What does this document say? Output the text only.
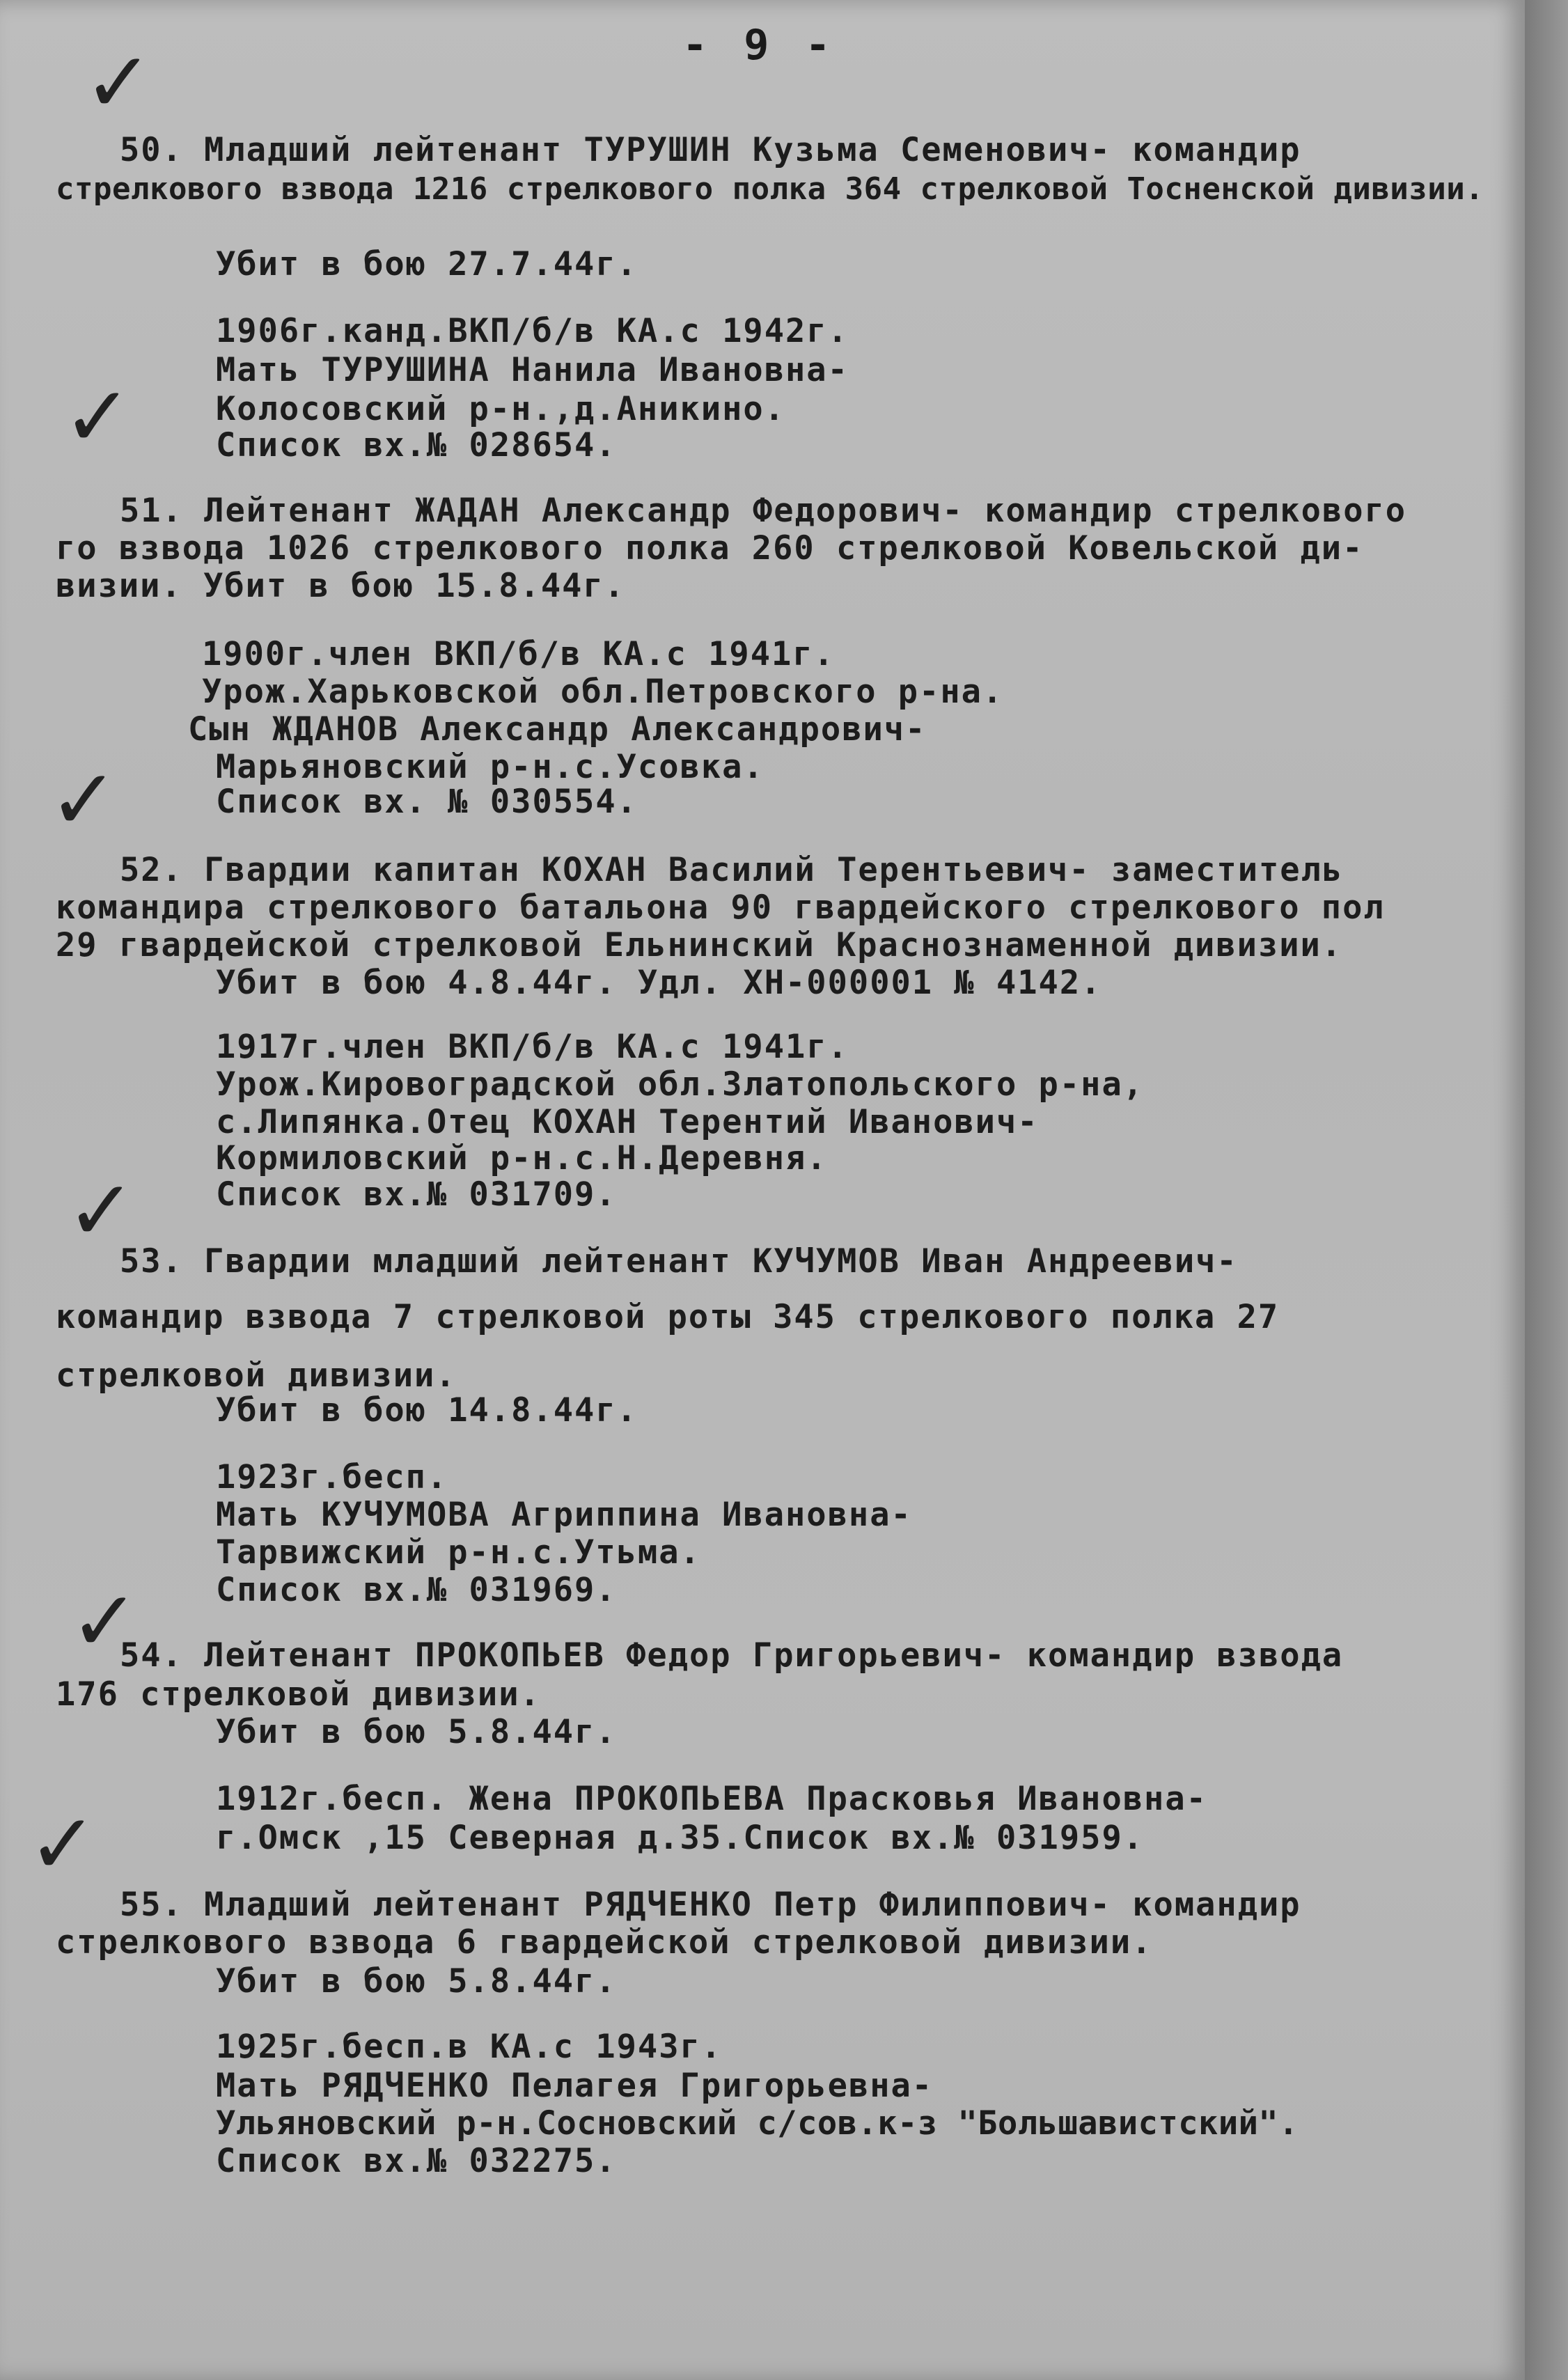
- 9 -
✓
✓
✓
✓
✓
✓
50. Младший лейтенант ТУРУШИН Кузьма Семенович- командир
стрелкового взвода 1216 стрелкового полка 364 стрелковой Тосненской дивизии.
Убит в бою 27.7.44г.
1906г.канд.ВКП/б/в КА.с 1942г.
Мать ТУРУШИНА Нанила Ивановна-
Колосовский р-н.,д.Аникино.
Список вх.№ 028654.
51. Лейтенант ЖАДАН Александр Федорович- командир стрелкового
го взвода 1026 стрелкового полка 260 стрелковой Ковельской ди-
визии. Убит в бою 15.8.44г.
1900г.член ВКП/б/в КА.с 1941г.
Урож.Харьковской обл.Петровского р-на.
Сын ЖДАНОВ Александр Александрович-
Марьяновский р-н.с.Усовка.
Список вх. № 030554.
52. Гвардии капитан КОХАН Василий Терентьевич- заместитель
командира стрелкового батальона 90 гвардейского стрелкового пол
29 гвардейской стрелковой Ельнинский Краснознаменной дивизии.
Убит в бою 4.8.44г. Удл. ХН-000001 № 4142.
1917г.член ВКП/б/в КА.с 1941г.
Урож.Кировоградской обл.Златопольского р-на,
с.Липянка.Отец КОХАН Терентий Иванович-
Кормиловский р-н.с.Н.Деревня.
Список вх.№ 031709.
53. Гвардии младший лейтенант КУЧУМОВ Иван Андреевич-
командир взвода 7 стрелковой роты 345 стрелкового полка 27
стрелковой дивизии.
Убит в бою 14.8.44г.
1923г.бесп.
Мать КУЧУМОВА Агриппина Ивановна-
Тарвижский р-н.с.Утьма.
Список вх.№ 031969.
54. Лейтенант ПРОКОПЬЕВ Федор Григорьевич- командир взвода
176 стрелковой дивизии.
Убит в бою 5.8.44г.
1912г.бесп. Жена ПРОКОПЬЕВА Прасковья Ивановна-
г.Омск ,15 Северная д.35.Список вх.№ 031959.
55. Младший лейтенант РЯДЧЕНКО Петр Филиппович- командир
стрелкового взвода 6 гвардейской стрелковой дивизии.
Убит в бою 5.8.44г.
1925г.бесп.в КА.с 1943г.
Мать РЯДЧЕНКО Пелагея Григорьевна-
Ульяновский р-н.Сосновский с/сов.к-з "Большавистский".
Список вх.№ 032275.
